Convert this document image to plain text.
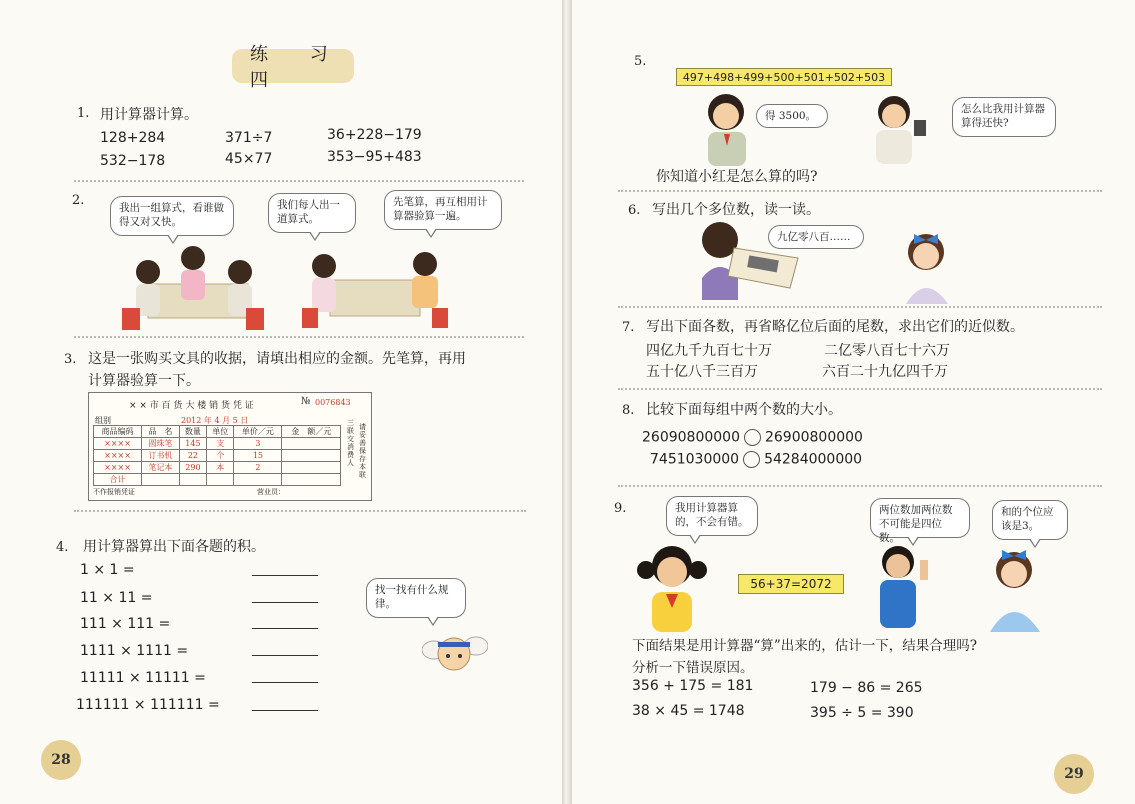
练 习 四
1. 用计算器计算。
128+284	371÷7	36+228−179
532−178	45×77	353−95+483
2.	我出一组算式，看谁做得又对又快。
我们每人出一道算式。
先笔算，再互相用计算器验算一遍。
3. 这是一张购买文具的收据，请填出相应的金额。先笔算，再用
计算器验算一下。
× × 市 百 货 大 楼 销 货 凭 证	№ 0076843
组别	2012 年 4 月 5 日
商品编码	品　名	数量	单位	单价／元	金　额／元
××××	圆珠笔	145	支	3	
××××	订书机	22	个	15	
××××	笔记本	290	本	2	
合计					
三联 交消费人
请妥善保存本联
不作报销凭证	营业员：
4. 用计算器算出下面各题的积。
1 × 1 =
11 × 11 =
111 × 111 =
1111 × 1111 =
11111 × 11111 =
111111 × 111111 =
找一找有什么规律。
28
5.
497+498+499+500+501+502+503
得 3500。
怎么比我用计算器算得还快?
你知道小红是怎么算的吗?
6. 写出几个多位数，读一读。
九亿零八百……
7. 写出下面各数，再省略亿位后面的尾数，求出它们的近似数。
四亿九千九百七十万	二亿零八百七十六万
五十亿八千三百万	六百二十九亿四千万
8. 比较下面每组中两个数的大小。
26090800000 26900800000
7451030000 54284000000
9.	我用计算器算的，不会有错。
56+37=2072
两位数加两位数不可能是四位数。
和的个位应该是3。
下面结果是用计算器“算”出来的，估计一下，结果合理吗?
分析一下错误原因。
356 + 175 = 181	179 − 86 = 265
38 × 45 = 1748	395 ÷ 5 = 390
29
